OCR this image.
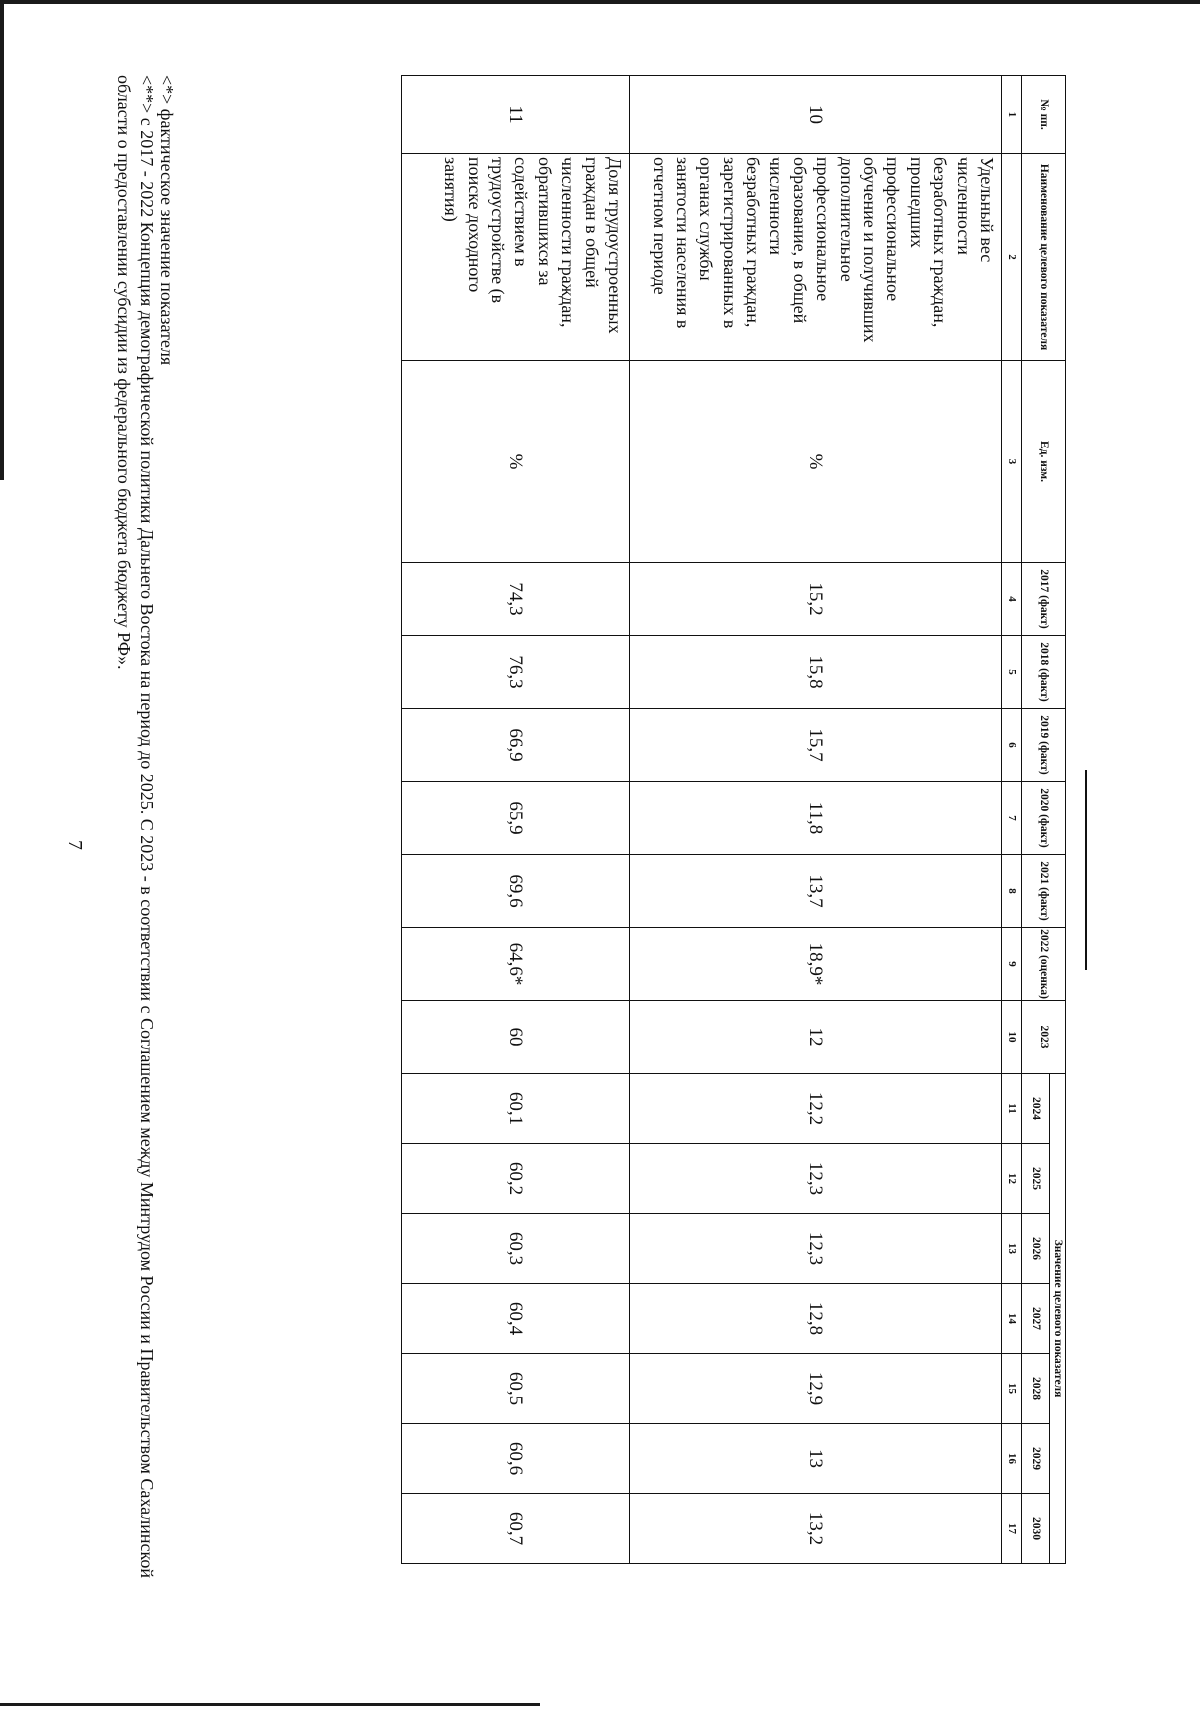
7
№ пп.	Наименование целевого показателя	Ед. изм.	2017 (факт)	2018 (факт)	2019 (факт)	2020 (факт)	2021 (факт)	2022 (оценка)	2023	Значение целевого показателя						
										2024	2025	2026	2027	2028	2029	2030
1	2	3	4	5	6	7	8	9	10	11	12	13	14	15	16	17
10	Удельный вес численности безработных граждан, прошедших профессиональное обучение и получивших дополнительное профессиональное образование, в общей численности безработных граждан, зарегистрированных в органах службы занятости населения в отчетном периоде	%	15,2	15,8	15,7	11,8	13,7	18,9*	12	12,2	12,3	12,3	12,8	12,9	13	13,2
11	Доля трудоустроенных граждан в общей численности граждан, обратившихся за содействием в трудоустройстве (в поиске доходного занятия)	%	74,3	76,3	66,9	65,9	69,6	64,6*	60	60,1	60,2	60,3	60,4	60,5	60,6	60,7
<*> фактическое значение показателя
<**> с 2017 - 2022 Концепция демографической политики Дальнего Востока на период до 2025. С 2023 - в соответствии с Соглашением между Минтрудом России и Правительством Сахалинской области о предоставлении субсидии из федерального бюджета бюджету РФ».
